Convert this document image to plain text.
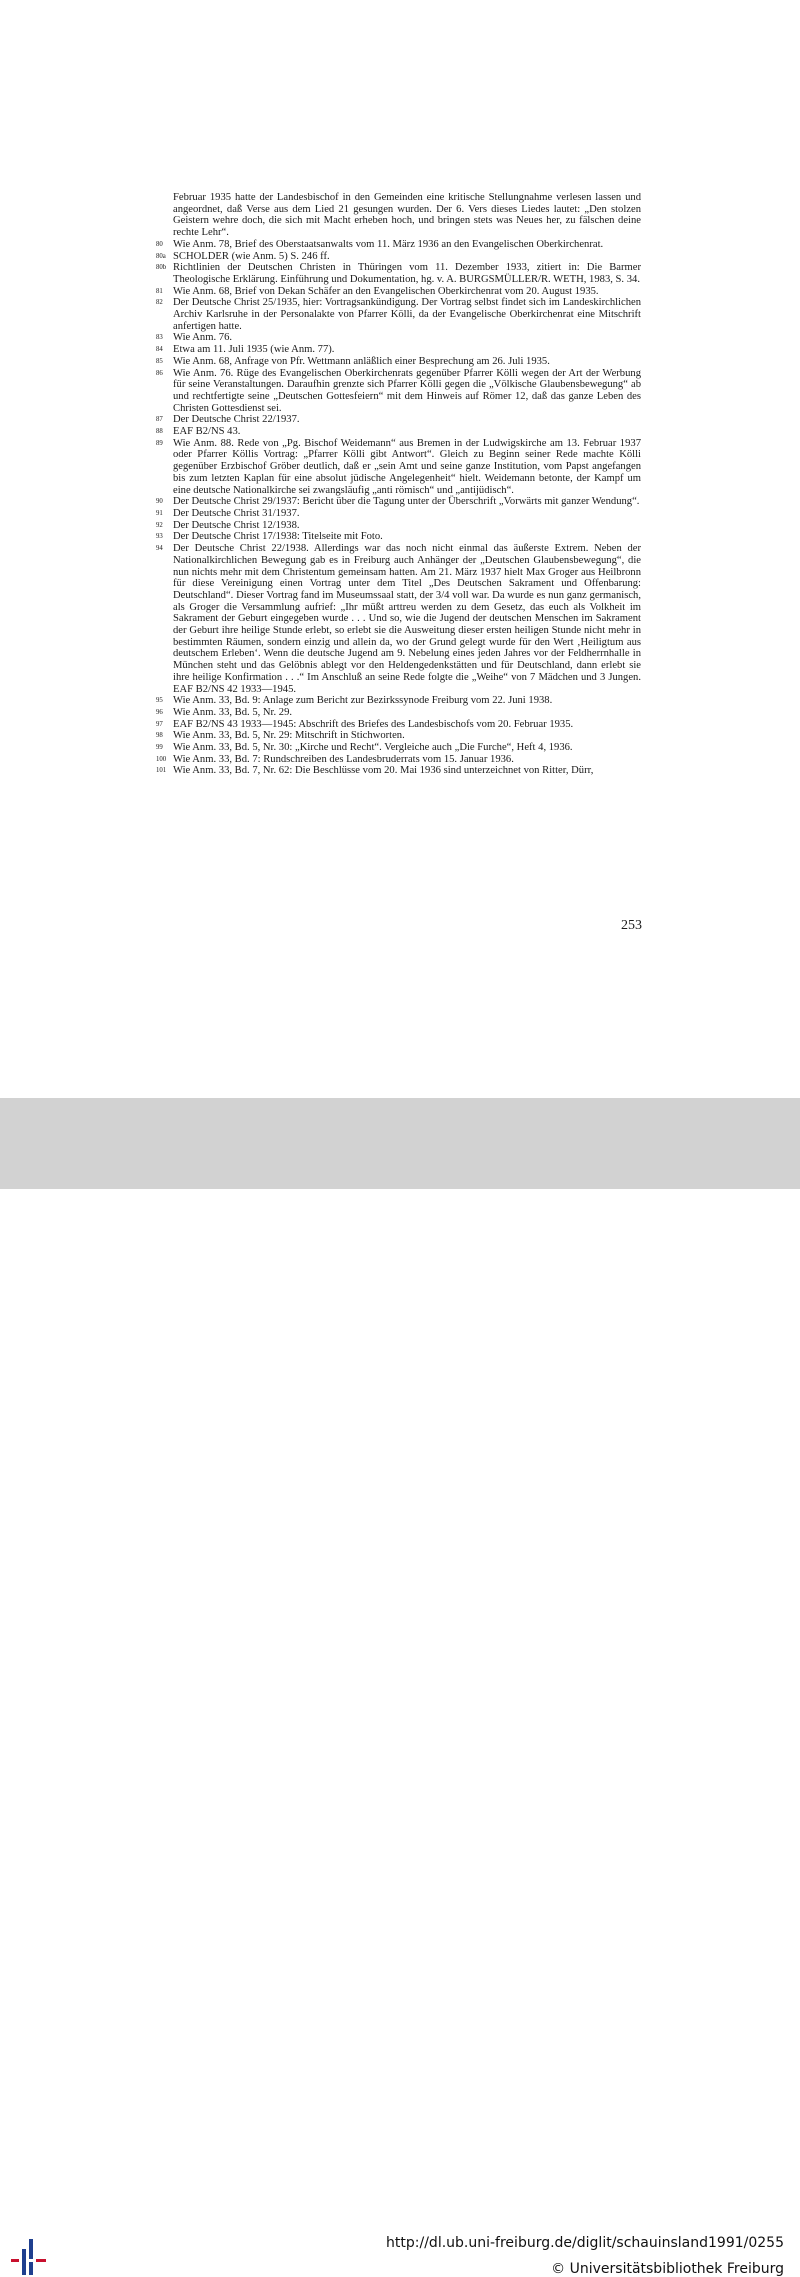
Februar 1935 hatte der Landesbischof in den Gemeinden eine kritische Stellungnahme verlesen lassen und angeordnet, daß Verse aus dem Lied 21 gesungen wurden. Der 6. Vers dieses Liedes lautet: „Den stolzen Geistern wehre doch, die sich mit Macht erheben hoch, und bringen stets was Neues her, zu fälschen deine rechte Lehr“.
80 Wie Anm. 78, Brief des Oberstaatsanwalts vom 11. März 1936 an den Evangelischen Oberkirchenrat.
80a SCHOLDER (wie Anm. 5) S. 246 ff.
80b Richtlinien der Deutschen Christen in Thüringen vom 11. Dezember 1933, zitiert in: Die Barmer Theologische Erklärung. Einführung und Dokumentation, hg. v. A. BURGSMÜLLER/R. WETH, 1983, S. 34.
81 Wie Anm. 68, Brief von Dekan Schäfer an den Evangelischen Oberkirchenrat vom 20. August 1935.
82 Der Deutsche Christ 25/1935, hier: Vortragsankündigung. Der Vortrag selbst findet sich im Landeskirchlichen Archiv Karlsruhe in der Personalakte von Pfarrer Kölli, da der Evangelische Oberkirchenrat eine Mitschrift anfertigen hatte.
83 Wie Anm. 76.
84 Etwa am 11. Juli 1935 (wie Anm. 77).
85 Wie Anm. 68, Anfrage von Pfr. Wettmann anläßlich einer Besprechung am 26. Juli 1935.
86 Wie Anm. 76. Rüge des Evangelischen Oberkirchenrats gegenüber Pfarrer Kölli wegen der Art der Werbung für seine Veranstaltungen. Daraufhin grenzte sich Pfarrer Kölli gegen die „Völkische Glaubensbewegung“ ab und rechtfertigte seine „Deutschen Gottesfeiern“ mit dem Hinweis auf Römer 12, daß das ganze Leben des Christen Gottesdienst sei.
87 Der Deutsche Christ 22/1937.
88 EAF B2/NS 43.
89 Wie Anm. 88. Rede von „Pg. Bischof Weidemann“ aus Bremen in der Ludwigskirche am 13. Februar 1937 oder Pfarrer Köllis Vortrag: „Pfarrer Kölli gibt Antwort“. Gleich zu Beginn seiner Rede machte Kölli gegenüber Erzbischof Gröber deutlich, daß er „sein Amt und seine ganze Institution, vom Papst angefangen bis zum letzten Kaplan für eine absolut jüdische Angelegenheit“ hielt. Weidemann betonte, der Kampf um eine deutsche Nationalkirche sei zwangsläufig „anti römisch“ und „antijüdisch“.
90 Der Deutsche Christ 29/1937: Bericht über die Tagung unter der Überschrift „Vorwärts mit ganzer Wendung“.
91 Der Deutsche Christ 31/1937.
92 Der Deutsche Christ 12/1938.
93 Der Deutsche Christ 17/1938: Titelseite mit Foto.
94 Der Deutsche Christ 22/1938. Allerdings war das noch nicht einmal das äußerste Extrem. Neben der Nationalkirchlichen Bewegung gab es in Freiburg auch Anhänger der „Deutschen Glaubensbewegung“, die nun nichts mehr mit dem Christentum gemeinsam hatten. Am 21. März 1937 hielt Max Groger aus Heilbronn für diese Vereinigung einen Vortrag unter dem Titel „Des Deutschen Sakrament und Offenbarung: Deutschland“. Dieser Vortrag fand im Museumssaal statt, der 3/4 voll war. Da wurde es nun ganz germanisch, als Groger die Versammlung aufrief: „Ihr müßt arttreu werden zu dem Gesetz, das euch als Volkheit im Sakrament der Geburt eingegeben wurde . . . Und so, wie die Jugend der deutschen Menschen im Sakrament der Geburt ihre heilige Stunde erlebt, so erlebt sie die Ausweitung dieser ersten heiligen Stunde nicht mehr in bestimmten Räumen, sondern einzig und allein da, wo der Grund gelegt wurde für den Wert ‚Heiligtum aus deutschem Erleben‘. Wenn die deutsche Jugend am 9. Nebelung eines jeden Jahres vor der Feldherrnhalle in München steht und das Gelöbnis ablegt vor den Heldengedenkstätten und für Deutschland, dann erlebt sie ihre heilige Konfirmation . . .“ Im Anschluß an seine Rede folgte die „Weihe“ von 7 Mädchen und 3 Jungen. EAF B2/NS 42 1933—1945.
95 Wie Anm. 33, Bd. 9: Anlage zum Bericht zur Bezirkssynode Freiburg vom 22. Juni 1938.
96 Wie Anm. 33, Bd. 5, Nr. 29.
97 EAF B2/NS 43 1933—1945: Abschrift des Briefes des Landesbischofs vom 20. Februar 1935.
98 Wie Anm. 33, Bd. 5, Nr. 29: Mitschrift in Stichworten.
99 Wie Anm. 33, Bd. 5, Nr. 30: „Kirche und Recht“. Vergleiche auch „Die Furche“, Heft 4, 1936.
100 Wie Anm. 33, Bd. 7: Rundschreiben des Landesbruderrats vom 15. Januar 1936.
101 Wie Anm. 33, Bd. 7, Nr. 62: Die Beschlüsse vom 20. Mai 1936 sind unterzeichnet von Ritter, Dürr,
253
http://dl.ub.uni-freiburg.de/diglit/schauinsland1991/0255
© Universitätsbibliothek Freiburg
